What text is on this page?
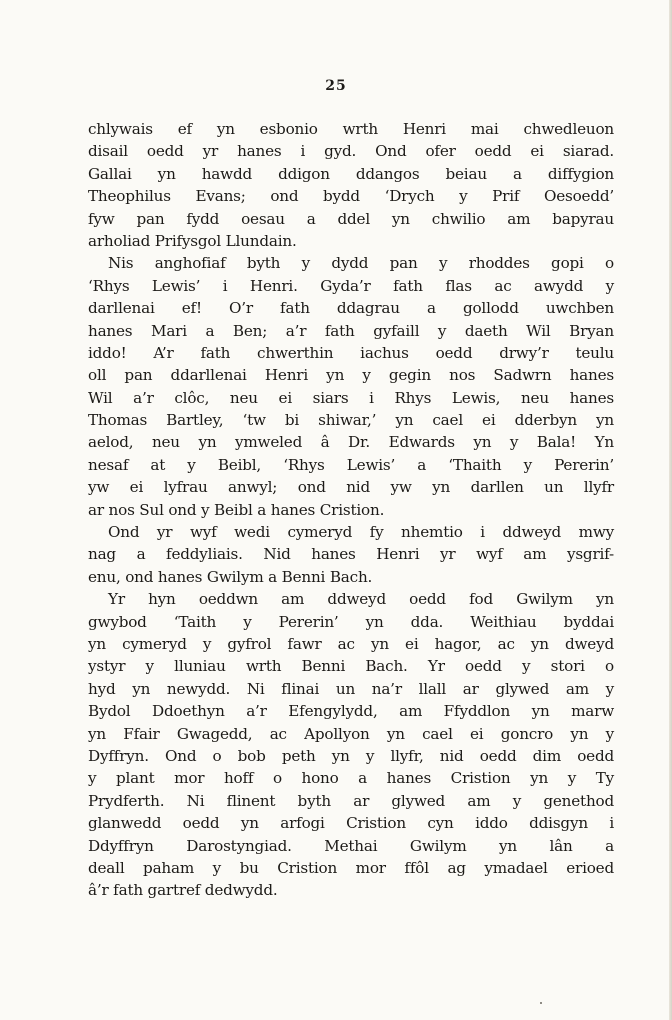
25
chlywais ef yn esbonio wrth Henri mai chwedleuon
disail oedd yr hanes i gyd. Ond ofer oedd ei siarad.
Gallai yn hawdd ddigon ddangos beiau a diffygion
Theophilus Evans; ond bydd ‘Drych y Prif Oesoedd’
fyw pan fydd oesau a ddel yn chwilio am bapyrau
arholiad Prifysgol Llundain.
Nis anghofiaf byth y dydd pan y rhoddes gopi o
‘Rhys Lewis’ i Henri. Gyda’r fath flas ac awydd y
darllenai ef! O’r fath ddagrau a gollodd uwchben
hanes Mari a Ben; a’r fath gyfaill y daeth Wil Bryan
iddo! A’r fath chwerthin iachus oedd drwy’r teulu
oll pan ddarllenai Henri yn y gegin nos Sadwrn hanes
Wil a’r clôc, neu ei siars i Rhys Lewis, neu hanes
Thomas Bartley, ‘tw bi shiwar,’ yn cael ei dderbyn yn
aelod, neu yn ymweled â Dr. Edwards yn y Bala! Yn
nesaf at y Beibl, ‘Rhys Lewis’ a ‘Thaith y Pererin’
yw ei lyfrau anwyl; ond nid yw yn darllen un llyfr
ar nos Sul ond y Beibl a hanes Cristion.
Ond yr wyf wedi cymeryd fy nhemtio i ddweyd mwy
nag a feddyliais. Nid hanes Henri yr wyf am ysgrif-
enu, ond hanes Gwilym a Benni Bach.
Yr hyn oeddwn am ddweyd oedd fod Gwilym yn
gwybod ‘Taith y Pererin’ yn dda. Weithiau byddai
yn cymeryd y gyfrol fawr ac yn ei hagor, ac yn dweyd
ystyr y lluniau wrth Benni Bach. Yr oedd y stori o
hyd yn newydd. Ni flinai un na’r llall ar glywed am y
Bydol Ddoethyn a’r Efengylydd, am Ffyddlon yn marw
yn Ffair Gwagedd, ac Apollyon yn cael ei goncro yn y
Dyffryn. Ond o bob peth yn y llyfr, nid oedd dim oedd
y plant mor hoff o hono a hanes Cristion yn y Ty
Prydferth. Ni flinent byth ar glywed am y genethod
glanwedd oedd yn arfogi Cristion cyn iddo ddisgyn i
Ddyffryn Darostyngiad. Methai Gwilym yn lân a
deall paham y bu Cristion mor ffôl ag ymadael erioed
â’r fath gartref dedwydd.
